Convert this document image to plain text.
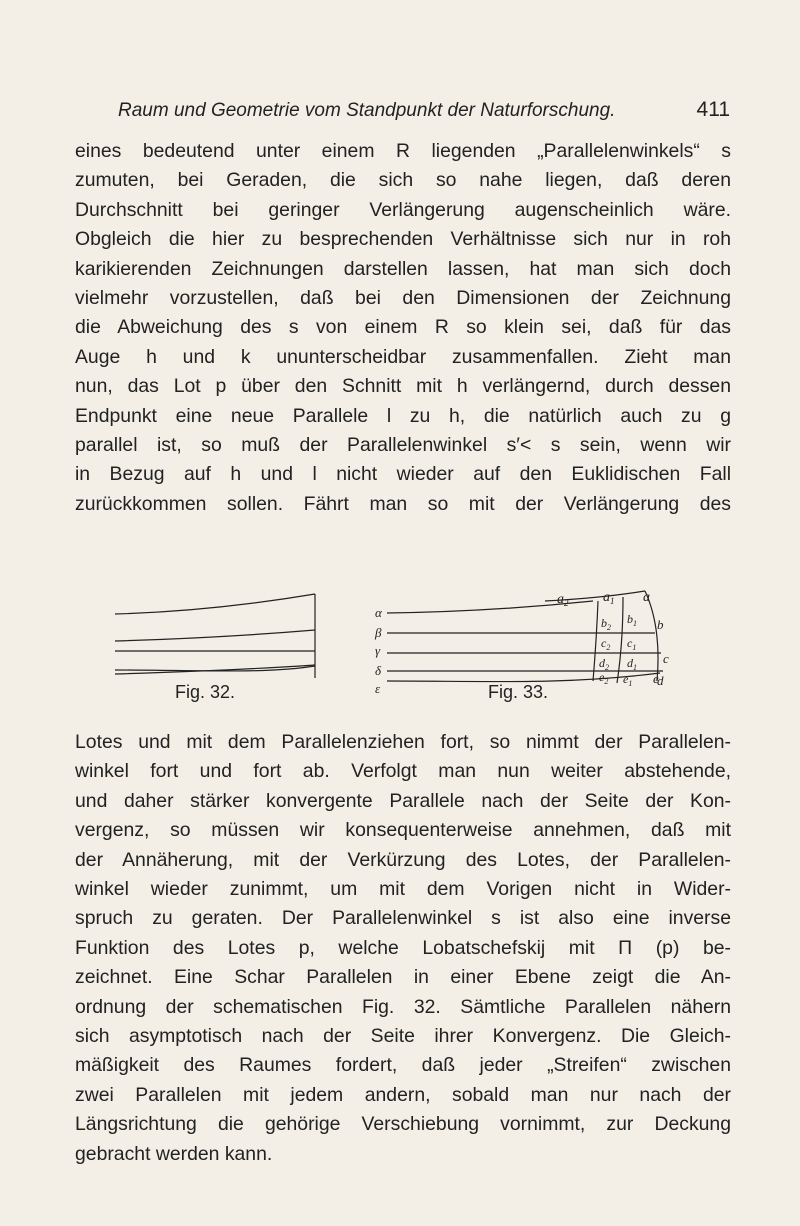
Raum und Geometrie vom Standpunkt der Naturforschung.	411
eines bedeutend unter einem R liegenden „Parallelenwinkels“ s
zumuten, bei Geraden, die sich so nahe liegen, daß deren
Durchschnitt bei geringer Verlängerung augenscheinlich wäre.
Obgleich die hier zu besprechenden Verhältnisse sich nur in roh
karikierenden Zeichnungen darstellen lassen, hat man sich doch
vielmehr vorzustellen, daß bei den Dimensionen der Zeichnung
die Abweichung des s von einem R so klein sei, daß für das
Auge h und k ununterscheidbar zusammenfallen. Zieht man
nun, das Lot p über den Schnitt mit h verlängernd, durch dessen
Endpunkt eine neue Parallele l zu h, die natürlich auch zu g
parallel ist, so muß der Parallelenwinkel s′< s sein, wenn wir
in Bezug auf h und l nicht wieder auf den Euklidischen Fall
zurückkommen sollen. Fährt man so mit der Verlängerung des
Fig. 32.
α
β
γ
δ
ε
$a_2$ $a_1$ a
b
c
d
$b_2$
$b_1$
$c_2$ $c_1$
$d_2$ $d_1$
$e_2$ $e_1$ e
Fig. 33.
Lotes und mit dem Parallelenziehen fort, so nimmt der Parallelen-
winkel fort und fort ab. Verfolgt man nun weiter abstehende,
und daher stärker konvergente Parallele nach der Seite der Kon-
vergenz, so müssen wir konsequenterweise annehmen, daß mit
der Annäherung, mit der Verkürzung des Lotes, der Parallelen-
winkel wieder zunimmt, um mit dem Vorigen nicht in Wider-
spruch zu geraten. Der Parallelenwinkel s ist also eine inverse
Funktion des Lotes p, welche Lobatschefskij mit Π (p) be-
zeichnet. Eine Schar Parallelen in einer Ebene zeigt die An-
ordnung der schematischen Fig. 32. Sämtliche Parallelen nähern
sich asymptotisch nach der Seite ihrer Konvergenz. Die Gleich-
mäßigkeit des Raumes fordert, daß jeder „Streifen“ zwischen
zwei Parallelen mit jedem andern, sobald man nur nach der
Längsrichtung die gehörige Verschiebung vornimmt, zur Deckung
gebracht werden kann.
